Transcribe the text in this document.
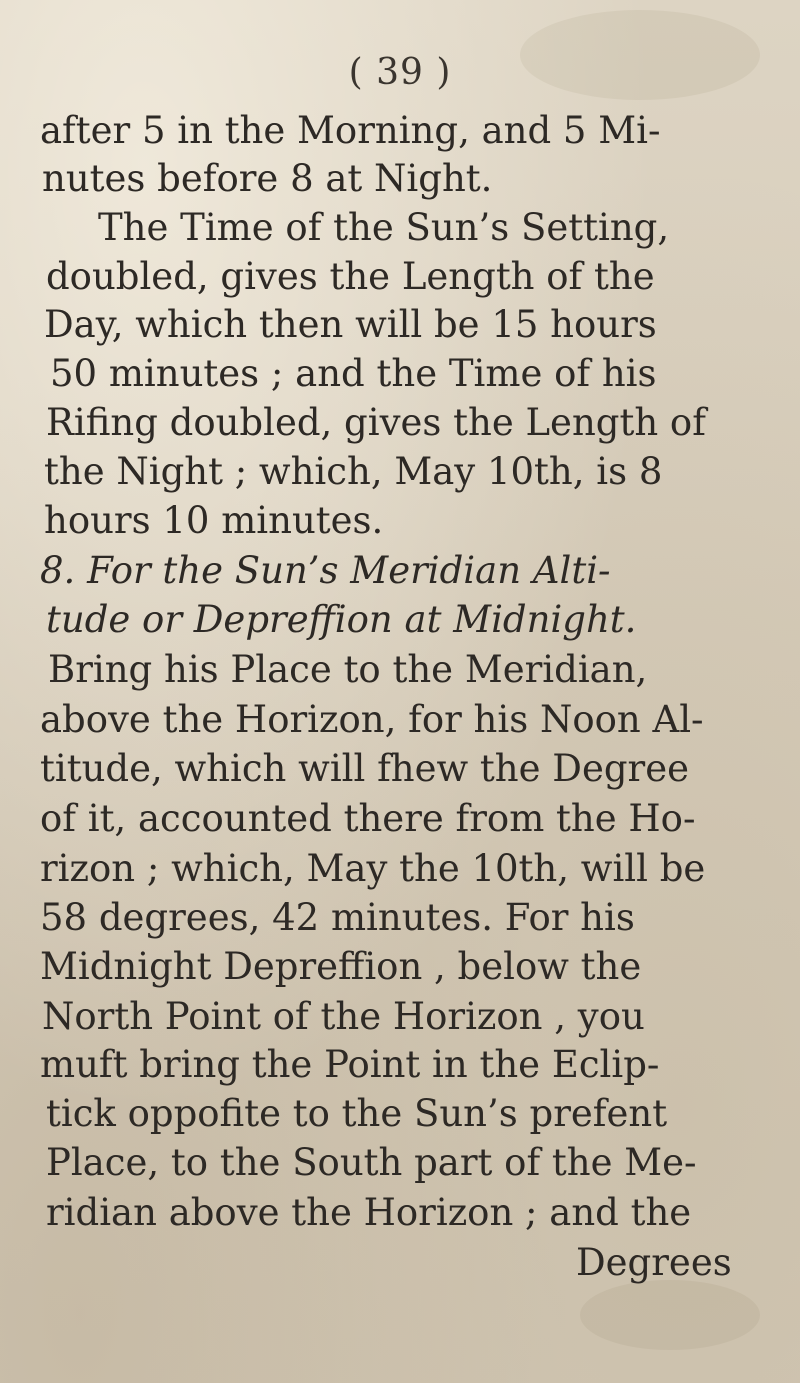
( 39 )
after 5 in the Morning, and 5 Mi-
nutes before 8 at Night.
The Time of the Sun’s Setting,
doubled, gives the Length of the
Day, which then will be 15 hours
50 minutes ; and the Time of his
Rifing doubled, gives the Length of
the Night ; which, May 10th, is 8
hours 10 minutes.
8. For the Sun’s Meridian Alti-
tude or Depreffion at Midnight.
Bring his Place to the Meridian,
above the Horizon, for his Noon Al-
titude, which will fhew the Degree
of it, accounted there from the Ho-
rizon ; which, May the 10th, will be
58 degrees, 42 minutes. For his
Midnight Depreffion , below the
North Point of the Horizon , you
muft bring the Point in the Eclip-
tick oppofite to the Sun’s prefent
Place, to the South part of the Me-
ridian above the Horizon ; and the
Degrees
